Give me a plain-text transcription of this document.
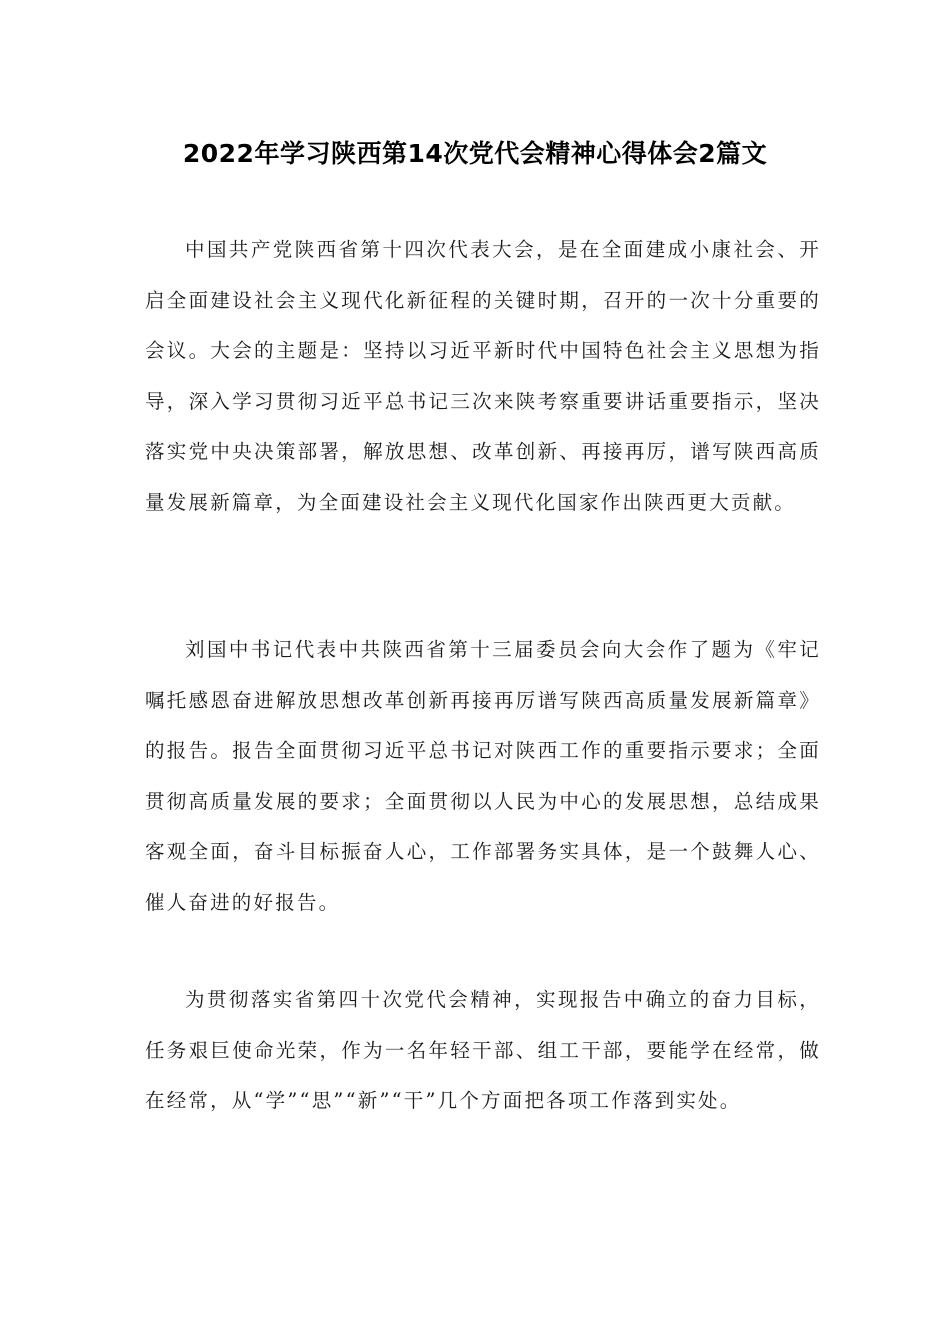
2022年学习陕西第14次党代会精神心得体会2篇文

中国共产党陕西省第十四次代表大会，是在全面建成小康社会、开启全面建设社会主义现代化新征程的关键时期，召开的一次十分重要的会议。大会的主题是：坚持以习近平新时代中国特色社会主义思想为指导，深入学习贯彻习近平总书记三次来陕考察重要讲话重要指示，坚决落实党中央决策部署，解放思想、改革创新、再接再厉，谱写陕西高质量发展新篇章，为全面建设社会主义现代化国家作出陕西更大贡献。

刘国中书记代表中共陕西省第十三届委员会向大会作了题为《牢记嘱托感恩奋进解放思想改革创新再接再厉谱写陕西高质量发展新篇章》的报告。报告全面贯彻习近平总书记对陕西工作的重要指示要求；全面贯彻高质量发展的要求；全面贯彻以人民为中心的发展思想，总结成果客观全面，奋斗目标振奋人心，工作部署务实具体，是一个鼓舞人心、催人奋进的好报告。

为贯彻落实省第四十次党代会精神，实现报告中确立的奋力目标，任务艰巨使命光荣，作为一名年轻干部、组工干部，要能学在经常，做在经常，从“学”“思”“新”“干”几个方面把各项工作落到实处。
